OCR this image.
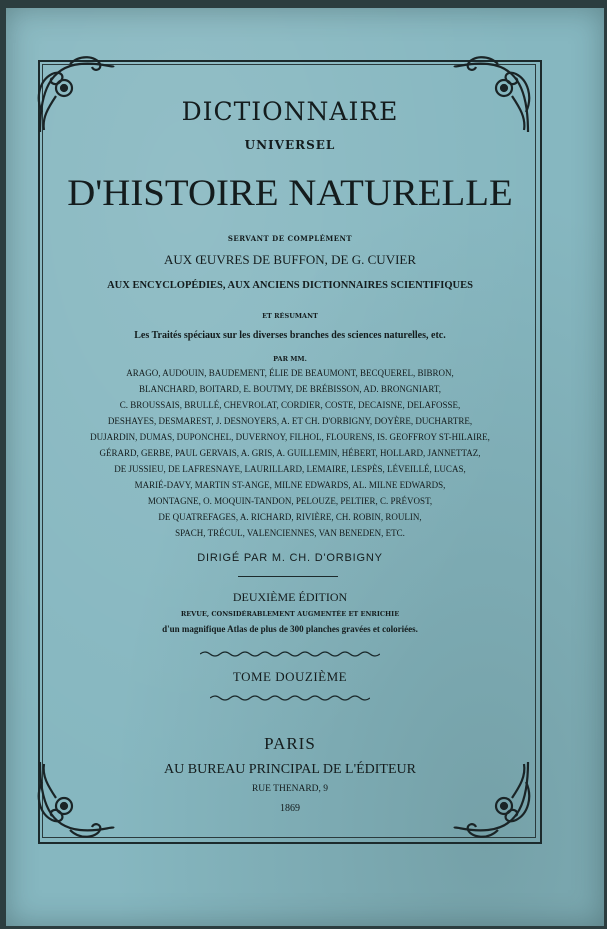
DICTIONNAIRE
UNIVERSEL
D'HISTOIRE NATURELLE
SERVANT DE COMPLÉMENT
AUX ŒUVRES DE BUFFON, DE G. CUVIER
AUX ENCYCLOPÉDIES, AUX ANCIENS DICTIONNAIRES SCIENTIFIQUES
ET RÉSUMANT
Les Traités spéciaux sur les diverses branches des sciences naturelles, etc.
PAR MM.
ARAGO, AUDOUIN, BAUDEMENT, ÉLIE DE BEAUMONT, BECQUEREL, BIBRON,
BLANCHARD, BOITARD, E. BOUTMY, DE BRÉBISSON, AD. BRONGNIART,
C. BROUSSAIS, BRULLÉ, CHEVROLAT, CORDIER, COSTE, DECAISNE, DELAFOSSE,
DESHAYES, DESMAREST, J. DESNOYERS, A. ET CH. D'ORBIGNY, DOYÈRE, DUCHARTRE,
DUJARDIN, DUMAS, DUPONCHEL, DUVERNOY, FILHOL, FLOURENS, IS. GEOFFROY ST-HILAIRE,
GÉRARD, GERBE, PAUL GERVAIS, A. GRIS, A. GUILLEMIN, HÉBERT, HOLLARD, JANNETTAZ,
DE JUSSIEU, DE LAFRESNAYE, LAURILLARD, LEMAIRE, LESPÈS, LÉVEILLÉ, LUCAS,
MARIÉ-DAVY, MARTIN ST-ANGE, MILNE EDWARDS, AL. MILNE EDWARDS,
MONTAGNE, O. MOQUIN-TANDON, PELOUZE, PELTIER, C. PRÉVOST,
DE QUATREFAGES, A. RICHARD, RIVIÈRE, CH. ROBIN, ROULIN,
SPACH, TRÉCUL, VALENCIENNES, VAN BENEDEN, ETC.
DIRIGÉ PAR M. CH. D'ORBIGNY
DEUXIÈME ÉDITION
REVUE, CONSIDÉRABLEMENT AUGMENTÉE ET ENRICHIE
d'un magnifique Atlas de plus de 300 planches gravées et coloriées.
TOME DOUZIÈME
PARIS
AU BUREAU PRINCIPAL DE L'ÉDITEUR
RUE THENARD, 9
1869
